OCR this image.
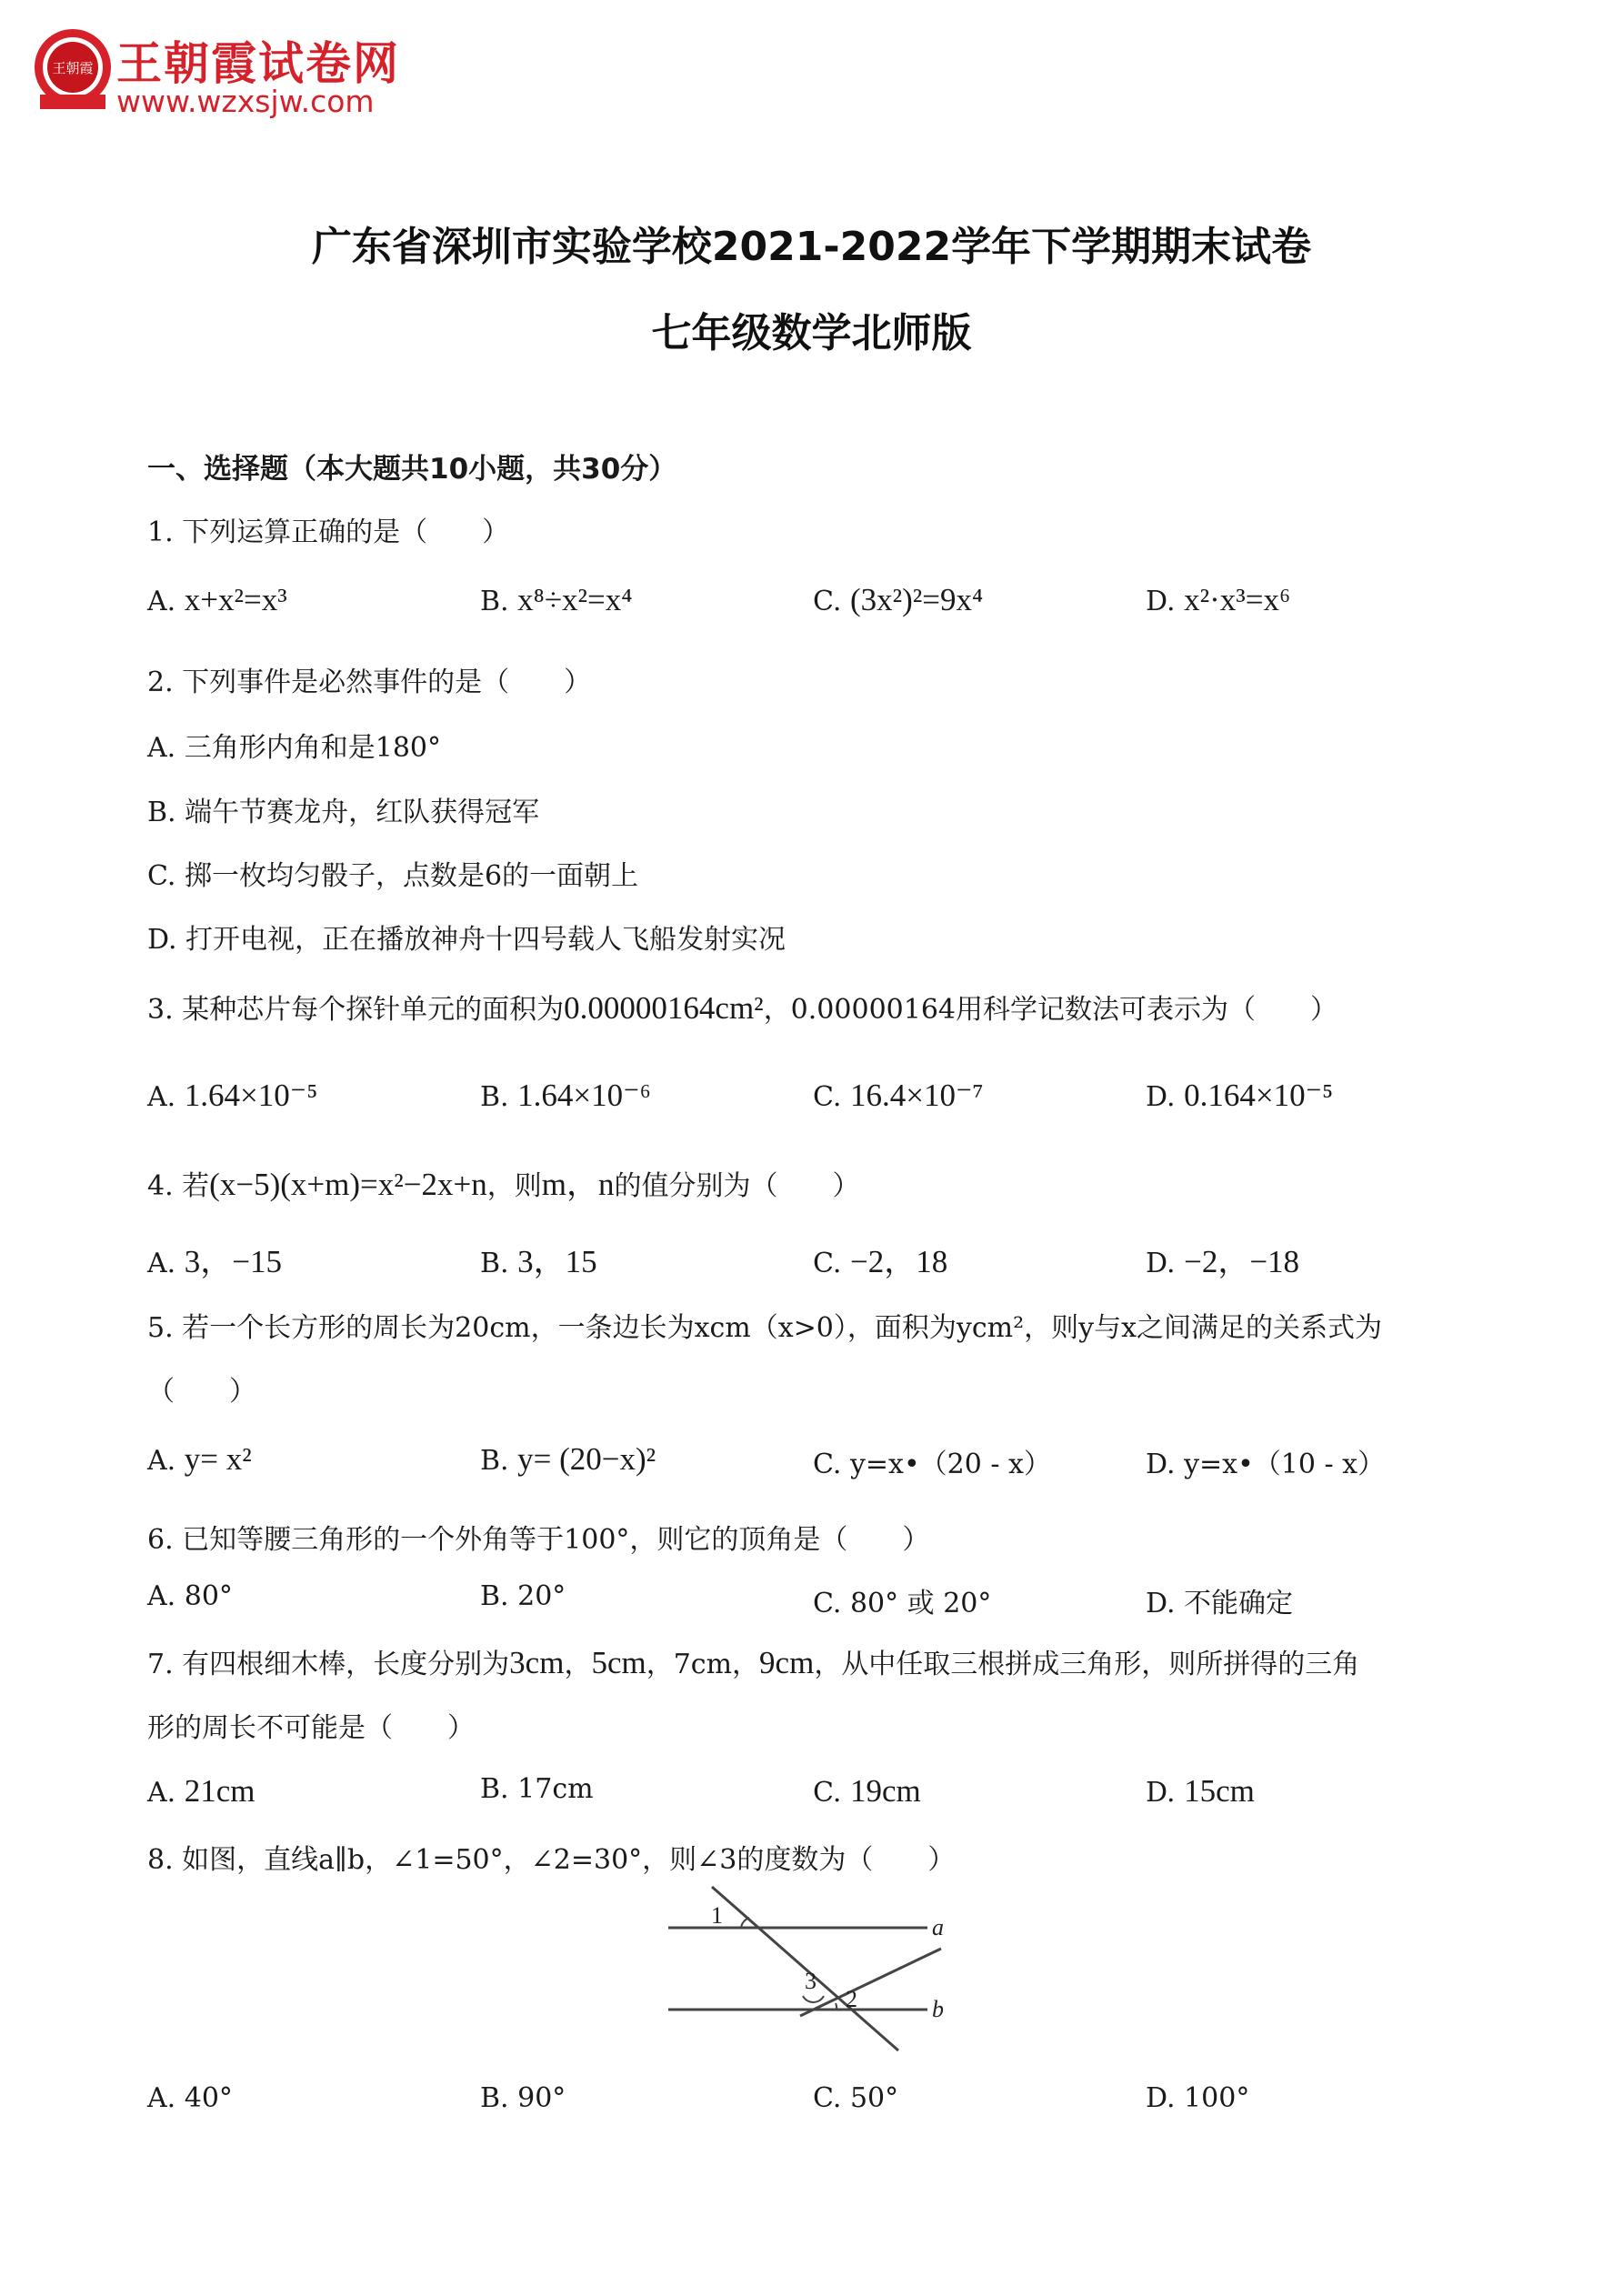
王朝霞 王朝霞试卷网
www.wzxsjw.com
广东省深圳市实验学校2021-2022学年下学期期末试卷
七年级数学北师版
一、选择题（本大题共10小题，共30分）
1. 下列运算正确的是（　　）
A. x+x²=x³	B. x⁸÷x²=x⁴	C. (3x²)²=9x⁴	D. x²·x³=x⁶
2. 下列事件是必然事件的是（　　）
A. 三角形内角和是180°
B. 端午节赛龙舟，红队获得冠军
C. 掷一枚均匀骰子，点数是6的一面朝上
D. 打开电视，正在播放神舟十四号载人飞船发射实况
3. 某种芯片每个探针单元的面积为0.00000164cm²，0.00000164用科学记数法可表示为（　　）
A. 1.64×10⁻⁵	B. 1.64×10⁻⁶	C. 16.4×10⁻⁷	D. 0.164×10⁻⁵
4. 若(x−5)(x+m)=x²−2x+n，则m，n的值分别为（　　）
A. 3，−15	B. 3，15	C. −2，18	D. −2，−18
5. 若一个长方形的周长为20cm，一条边长为xcm（x>0），面积为ycm²，则y与x之间满足的关系式为
（　　）
A. y= x²	B. y= (20−x)²	C. y=x•（20 - x）	D. y=x•（10 - x）
6. 已知等腰三角形的一个外角等于100°，则它的顶角是（　　）
A. 80°	B. 20°	C. 80° 或 20°	D. 不能确定
7. 有四根细木棒，长度分别为3cm，5cm，7cm，9cm，从中任取三根拼成三角形，则所拼得的三角
形的周长不可能是（　　）
A. 21cm	B. 17cm	C. 19cm	D. 15cm
8. 如图，直线a∥b，∠1=50°，∠2=30°，则∠3的度数为（　　）
1
3
2
a
b
A. 40°	B. 90°	C. 50°	D. 100°
